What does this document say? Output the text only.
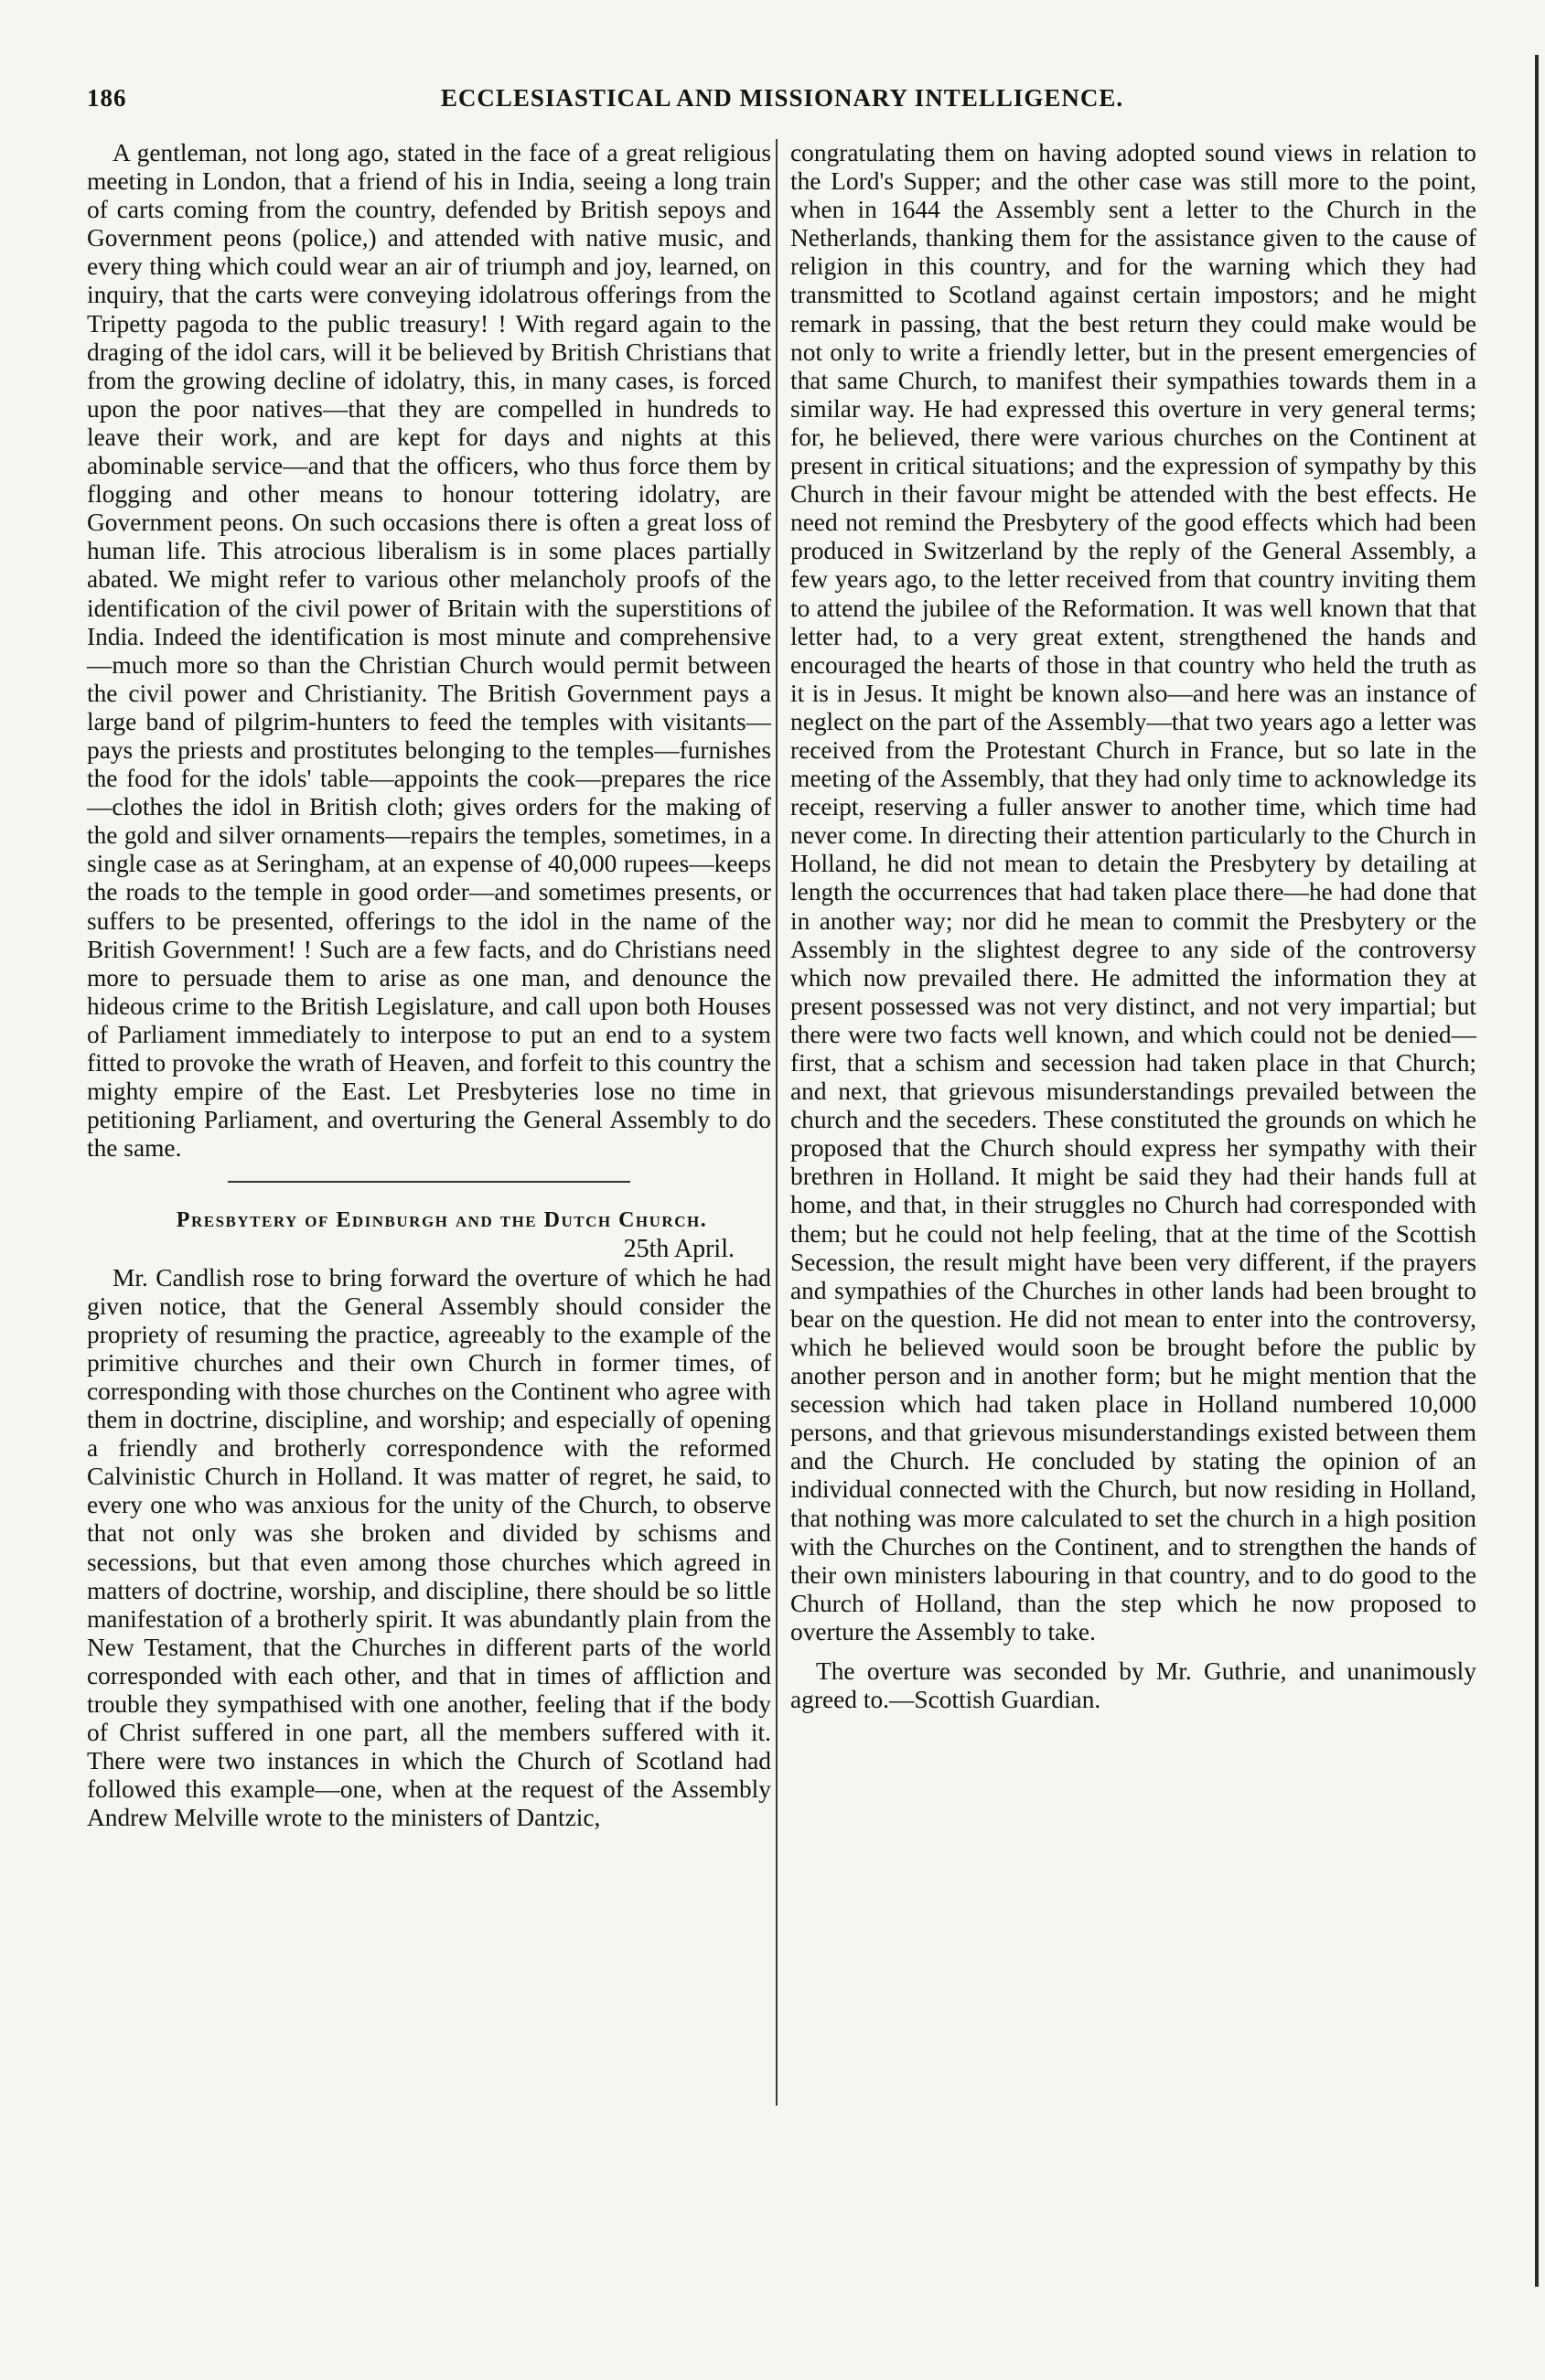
186	ECCLESIASTICAL AND MISSIONARY INTELLIGENCE.

A gentleman, not long ago, stated in the face of a great religious meeting in London, that a friend of his in India, seeing a long train of carts coming from the country, defended by British sepoys and Government peons (police,) and attended with native music, and every thing which could wear an air of triumph and joy, learned, on inquiry, that the carts were conveying idolatrous offerings from the Tripetty pagoda to the public treasury! ! With regard again to the draging of the idol cars, will it be believed by British Christians that from the growing decline of idolatry, this, in many cases, is forced upon the poor natives—that they are compelled in hundreds to leave their work, and are kept for days and nights at this abominable service—and that the officers, who thus force them by flogging and other means to honour tottering idolatry, are Government peons. On such occasions there is often a great loss of human life. This atrocious liberalism is in some places partially abated. We might refer to various other melancholy proofs of the identification of the civil power of Britain with the superstitions of India. Indeed the identification is most minute and comprehensive—much more so than the Christian Church would permit between the civil power and Christianity. The British Government pays a large band of pilgrim-hunters to feed the temples with visitants—pays the priests and prostitutes belonging to the temples—furnishes the food for the idols' table—appoints the cook—prepares the rice—clothes the idol in British cloth; gives orders for the making of the gold and silver ornaments—repairs the temples, sometimes, in a single case as at Seringham, at an expense of 40,000 rupees—keeps the roads to the temple in good order—and sometimes presents, or suffers to be presented, offerings to the idol in the name of the British Government! ! Such are a few facts, and do Christians need more to persuade them to arise as one man, and denounce the hideous crime to the British Legislature, and call upon both Houses of Parliament immediately to interpose to put an end to a system fitted to provoke the wrath of Heaven, and forfeit to this country the mighty empire of the East. Let Presbyteries lose no time in petitioning Parliament, and overturing the General Assembly to do the same.

Presbytery of Edinburgh and the Dutch Church.

25th April.

Mr. Candlish rose to bring forward the overture of which he had given notice, that the General Assembly should consider the propriety of resuming the practice, agreeably to the example of the primitive churches and their own Church in former times, of corresponding with those churches on the Continent who agree with them in doctrine, discipline, and worship; and especially of opening a friendly and brotherly correspondence with the reformed Calvinistic Church in Holland. It was matter of regret, he said, to every one who was anxious for the unity of the Church, to observe that not only was she broken and divided by schisms and secessions, but that even among those churches which agreed in matters of doctrine, worship, and discipline, there should be so little manifestation of a brotherly spirit. It was abundantly plain from the New Testament, that the Churches in different parts of the world corresponded with each other, and that in times of affliction and trouble they sympathised with one another, feeling that if the body of Christ suffered in one part, all the members suffered with it. There were two instances in which the Church of Scotland had followed this example—one, when at the request of the Assembly Andrew Melville wrote to the ministers of Dantzic,

congratulating them on having adopted sound views in relation to the Lord's Supper; and the other case was still more to the point, when in 1644 the Assembly sent a letter to the Church in the Netherlands, thanking them for the assistance given to the cause of religion in this country, and for the warning which they had transmitted to Scotland against certain impostors; and he might remark in passing, that the best return they could make would be not only to write a friendly letter, but in the present emergencies of that same Church, to manifest their sympathies towards them in a similar way. He had expressed this overture in very general terms; for, he believed, there were various churches on the Continent at present in critical situations; and the expression of sympathy by this Church in their favour might be attended with the best effects. He need not remind the Presbytery of the good effects which had been produced in Switzerland by the reply of the General Assembly, a few years ago, to the letter received from that country inviting them to attend the jubilee of the Reformation. It was well known that that letter had, to a very great extent, strengthened the hands and encouraged the hearts of those in that country who held the truth as it is in Jesus. It might be known also—and here was an instance of neglect on the part of the Assembly—that two years ago a letter was received from the Protestant Church in France, but so late in the meeting of the Assembly, that they had only time to acknowledge its receipt, reserving a fuller answer to another time, which time had never come. In directing their attention particularly to the Church in Holland, he did not mean to detain the Presbytery by detailing at length the occurrences that had taken place there—he had done that in another way; nor did he mean to commit the Presbytery or the Assembly in the slightest degree to any side of the controversy which now prevailed there. He admitted the information they at present possessed was not very distinct, and not very impartial; but there were two facts well known, and which could not be denied—first, that a schism and secession had taken place in that Church; and next, that grievous misunderstandings prevailed between the church and the seceders. These constituted the grounds on which he proposed that the Church should express her sympathy with their brethren in Holland. It might be said they had their hands full at home, and that, in their struggles no Church had corresponded with them; but he could not help feeling, that at the time of the Scottish Secession, the result might have been very different, if the prayers and sympathies of the Churches in other lands had been brought to bear on the question. He did not mean to enter into the controversy, which he believed would soon be brought before the public by another person and in another form; but he might mention that the secession which had taken place in Holland numbered 10,000 persons, and that grievous misunderstandings existed between them and the Church. He concluded by stating the opinion of an individual connected with the Church, but now residing in Holland, that nothing was more calculated to set the church in a high position with the Churches on the Continent, and to strengthen the hands of their own ministers labouring in that country, and to do good to the Church of Holland, than the step which he now proposed to overture the Assembly to take.

The overture was seconded by Mr. Guthrie, and unanimously agreed to.—Scottish Guardian.
